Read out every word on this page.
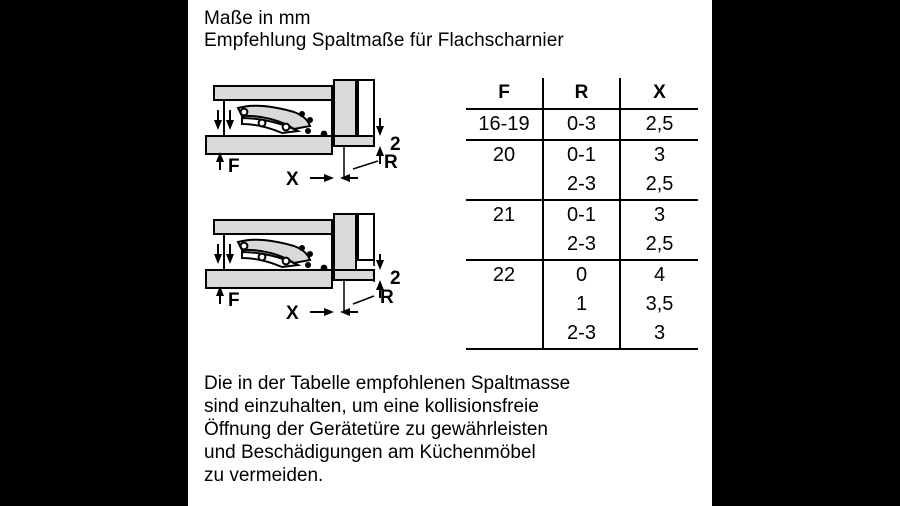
Maße in mm
Empfehlung Spaltmaße für Flachscharnier
F
2
X
R
F
2
X
R
F	R	X
16-19	0-3	2,5
20	0-1	3
	2-3	2,5
21	0-1	3
	2-3	2,5
22	0	4
	1	3,5
	2-3	3
Die in der Tabelle empfohlenen Spaltmasse
sind einzuhalten, um eine kollisionsfreie
Öffnung der Gerätetüre zu gewährleisten
und Beschädigungen am Küchenmöbel
zu vermeiden.
